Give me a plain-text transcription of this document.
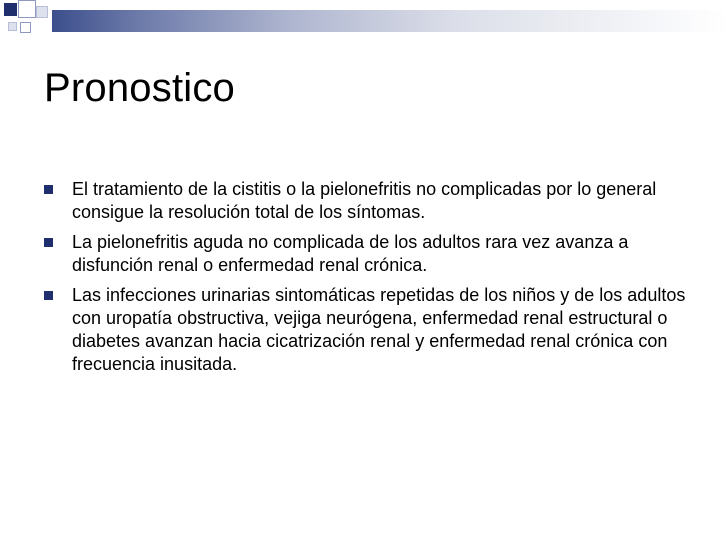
Pronostico
El tratamiento de la cistitis o la pielonefritis no complicadas por lo general consigue la resolución total de los síntomas.
La pielonefritis aguda no complicada de los adultos rara vez avanza a disfunción renal o enfermedad renal crónica.
Las infecciones urinarias sintomáticas repetidas de los niños y de los adultos con uropatía obstructiva, vejiga neurógena, enfermedad renal estructural o diabetes avanzan hacia cicatrización renal y enfermedad renal crónica con frecuencia inusitada.
